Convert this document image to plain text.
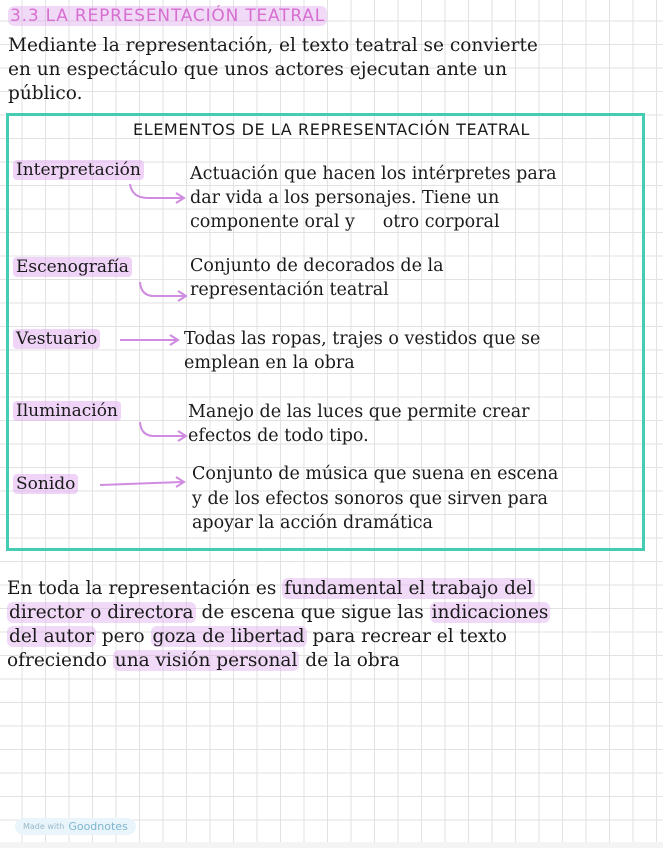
3.3 LA REPRESENTACIÓN TEATRAL
Mediante la representación, el texto teatral se convierte
en un espectáculo que unos actores ejecutan ante un
público.
ELEMENTOS DE LA REPRESENTACIÓN TEATRAL
Interpretación	Actuación que hacen los intérpretes para
dar vida a los personajes. Tiene un
componente oral y     otro corporal
Escenografía	Conjunto de decorados de la
representación teatral
Vestuario	Todas las ropas, trajes o vestidos que se
emplean en la obra
Iluminación	Manejo de las luces que permite crear
efectos de todo tipo.
Sonido	Conjunto de música que suena en escena
y de los efectos sonoros que sirven para
apoyar la acción dramática
En toda la representación es fundamental el trabajo del
director o directora de escena que sigue las indicaciones
del autor pero goza de libertad para recrear el texto
ofreciendo una visión personal de la obra
Made with Goodnotes
